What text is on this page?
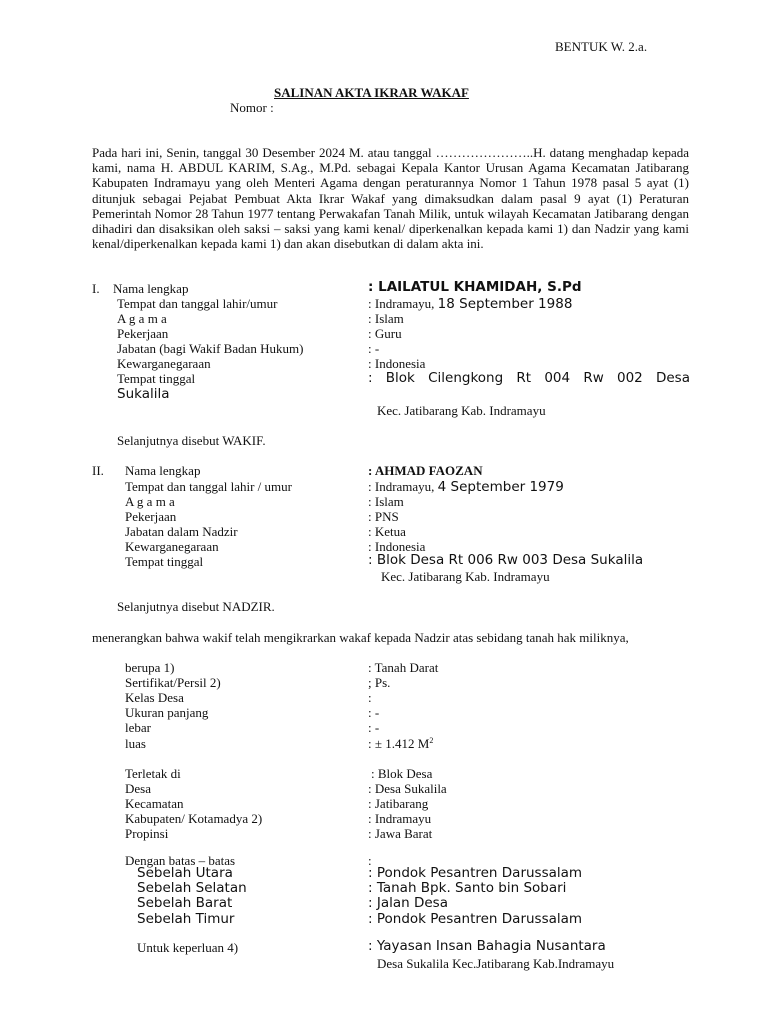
BENTUK W. 2.a.
SALINAN AKTA IKRAR WAKAF
Nomor :
Pada hari ini, Senin, tanggal 30 Desember 2024 M. atau tanggal …………………..H. datang menghadap kepada kami, nama H. ABDUL KARIM, S.Ag., M.Pd. sebagai Kepala Kantor Urusan Agama Kecamatan Jatibarang Kabupaten Indramayu yang oleh Menteri Agama dengan peraturannya Nomor 1 Tahun 1978 pasal 5 ayat (1) ditunjuk sebagai Pejabat Pembuat Akta Ikrar Wakaf yang dimaksudkan dalam pasal 9 ayat (1) Peraturan Pemerintah Nomor 28 Tahun 1977 tentang Perwakafan Tanah Milik, untuk wilayah Kecamatan Jatibarang dengan dihadiri dan disaksikan oleh saksi – saksi yang kami kenal/ diperkenalkan kepada kami 1) dan Nadzir yang kami kenal/diperkenalkan kepada kami 1) dan akan disebutkan di dalam akta ini.
I. Nama lengkap	: LAILATUL KHAMIDAH, S.Pd
Tempat dan tanggal lahir/umur	: Indramayu, 18 September 1988
A g a m a	: Islam
Pekerjaan	: Guru
Jabatan (bagi Wakif Badan Hukum)	: -
Kewarganegaraan	: Indonesia
Tempat tinggal	: Blok Cilengkong Rt 004 Rw 002 Desa
Sukalila
Kec. Jatibarang Kab. Indramayu
Selanjutnya disebut WAKIF.
II. Nama lengkap	: AHMAD FAOZAN
Tempat dan tanggal lahir / umur	: Indramayu, 4 September 1979
A g a m a	: Islam
Pekerjaan	: PNS
Jabatan dalam Nadzir	: Ketua
Kewarganegaraan	: Indonesia
Tempat tinggal	: Blok Desa Rt 006 Rw 003 Desa Sukalila
Kec. Jatibarang Kab. Indramayu
Selanjutnya disebut NADZIR.
menerangkan bahwa wakif telah mengikrarkan wakaf kepada Nadzir atas sebidang tanah hak miliknya,
berupa 1)	: Tanah Darat
Sertifikat/Persil 2)	; Ps.
Kelas Desa	:
Ukuran panjang	: -
lebar	: -
luas	: ± 1.412 $M^2$
Terletak di	: Blok Desa
Desa	: Desa Sukalila
Kecamatan	: Jatibarang
Kabupaten/ Kotamadya 2)	: Indramayu
Propinsi	: Jawa Barat
Dengan batas – batas	:
Sebelah Utara	: Pondok Pesantren Darussalam
Sebelah Selatan	: Tanah Bpk. Santo bin Sobari
Sebelah Barat	: Jalan Desa
Sebelah Timur	: Pondok Pesantren Darussalam
Untuk keperluan 4)	: Yayasan Insan Bahagia Nusantara
Desa Sukalila Kec.Jatibarang Kab.Indramayu
